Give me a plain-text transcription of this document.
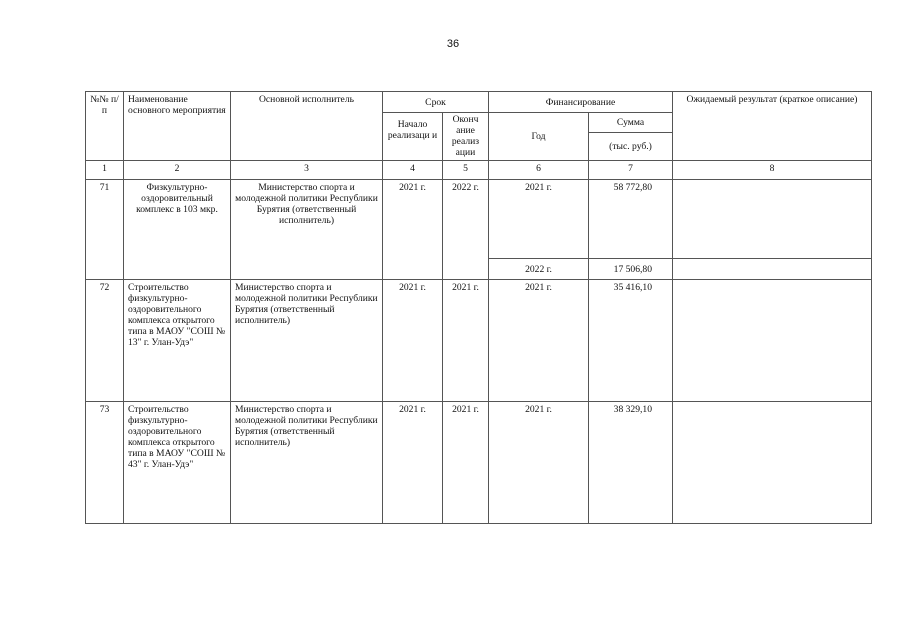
36
№№ п/п	Наименование основного мероприятия	Основной исполнитель	Срок		Финансирование		Ожидаемый результат (краткое описание)
			Начало реализаци и	Оконч ание реализ ации	Год	Сумма	
						(тыс. руб.)	
1	2	3	4	5	6	7	8
71	Физкультурно-оздоровительный комплекс в 103 мкр.	Министерство спорта и молодежной политики Республики Бурятия (ответственный исполнитель)	2021 г.	2022 г.	2021 г.	58 772,80	
					2022 г.	17 506,80	
72	Строительство физкультурно-оздоровительного комплекса открытого типа в МАОУ "СОШ № 13" г. Улан-Удэ"	Министерство спорта и молодежной политики Республики Бурятия (ответственный исполнитель)	2021 г.	2021 г.	2021 г.	35 416,10	
73	Строительство физкультурно-оздоровительного комплекса открытого типа в МАОУ "СОШ № 43" г. Улан-Удэ"	Министерство спорта и молодежной политики Республики Бурятия (ответственный исполнитель)	2021 г.	2021 г.	2021 г.	38 329,10	
